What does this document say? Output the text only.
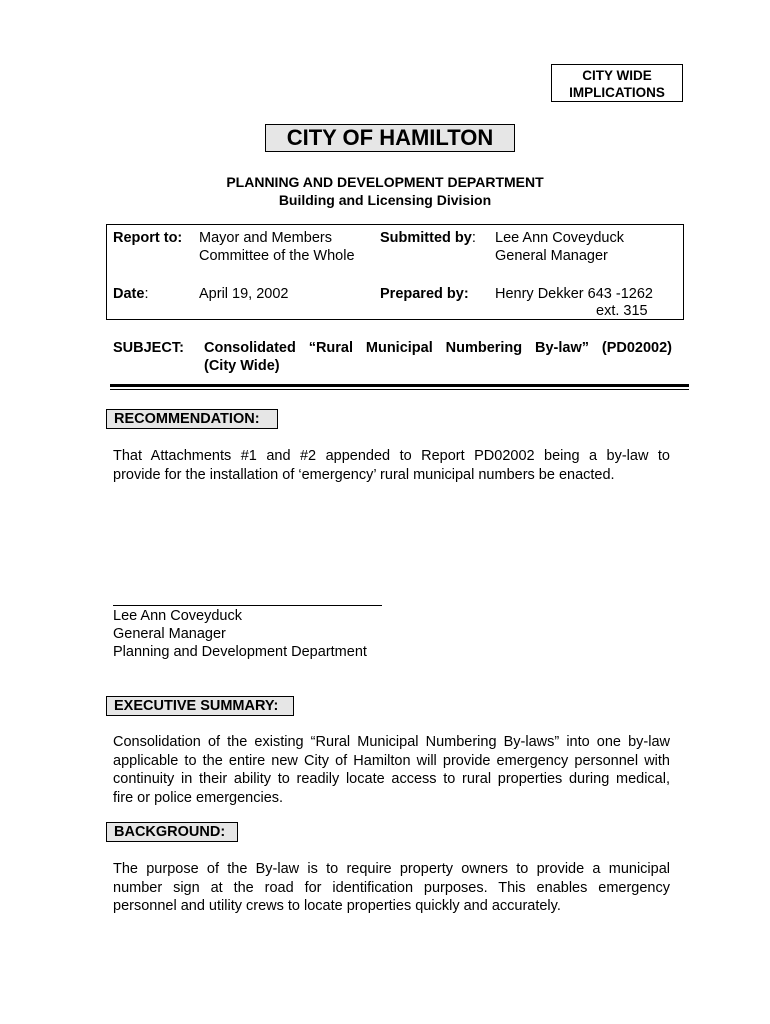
CITY WIDE
IMPLICATIONS
CITY OF HAMILTON
PLANNING AND DEVELOPMENT DEPARTMENT
Building and Licensing Division
Report to: Mayor and Members
Committee of the Whole
Submitted by: Lee Ann Coveyduck
General Manager
Date:	April 19, 2002	Prepared by: Henry Dekker 643 -1262
ext. 315
SUBJECT: Consolidated “Rural Municipal Numbering By-law” (PD02002)
(City Wide)
RECOMMENDATION:
That Attachments #1 and #2 appended to Report PD02002 being a by-law to
provide for the installation of ‘emergency’ rural municipal numbers be enacted.
Lee Ann Coveyduck
General Manager
Planning and Development Department
EXECUTIVE SUMMARY:
Consolidation of the existing “Rural Municipal Numbering By-laws” into one by-law
applicable to the entire new City of Hamilton will provide emergency personnel with
continuity in their ability to readily locate access to rural properties during medical,
fire or police emergencies.
BACKGROUND:
The purpose of the By-law is to require property owners to provide a municipal
number sign at the road for identification purposes. This enables emergency
personnel and utility crews to locate properties quickly and accurately.
